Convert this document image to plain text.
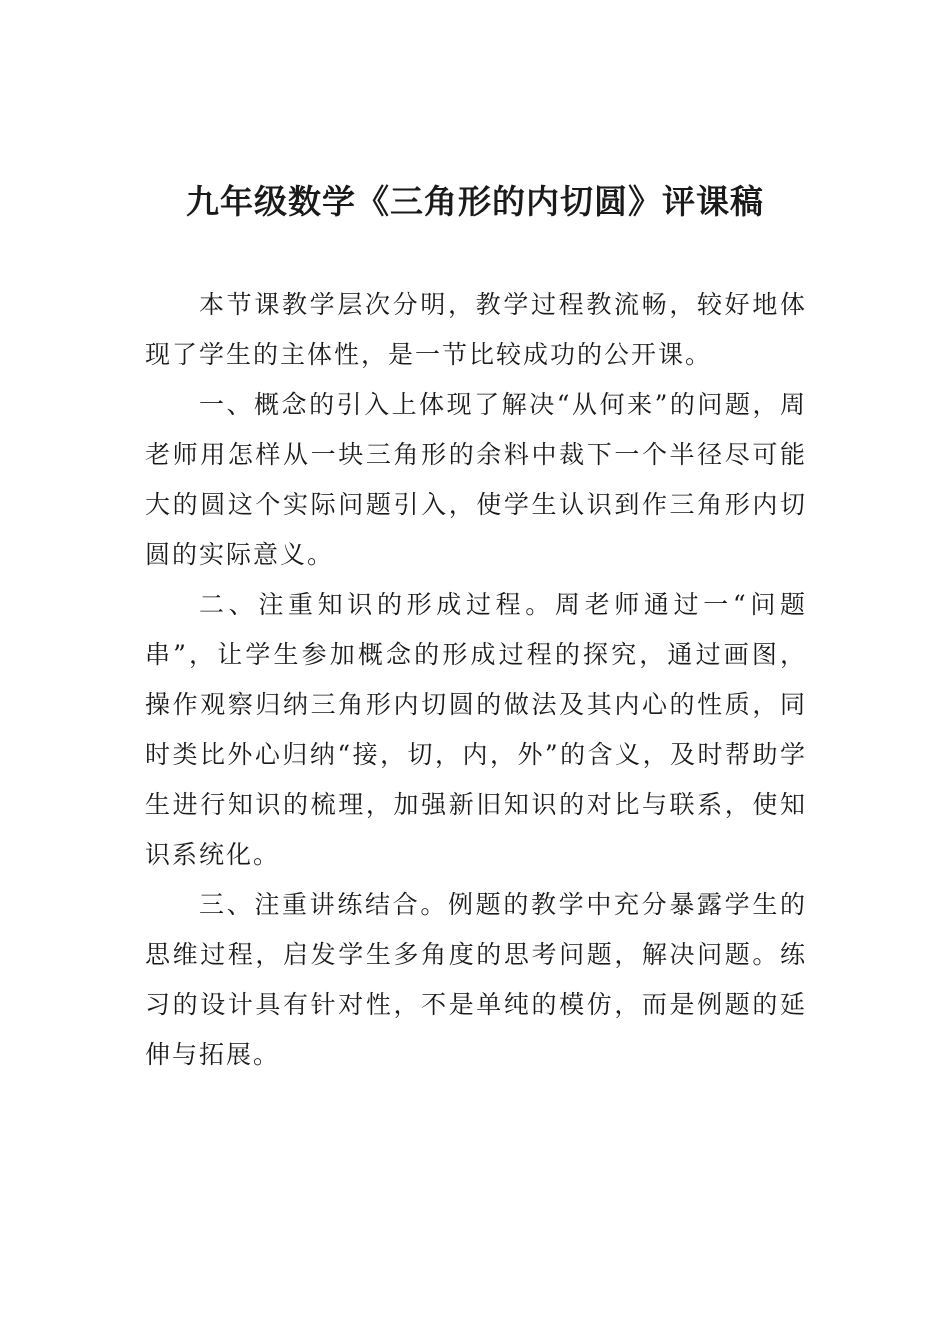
九年级数学《三角形的内切圆》评课稿

本节课教学层次分明，教学过程教流畅，较好地体现了学生的主体性，是一节比较成功的公开课。

一、概念的引入上体现了解决“从何来”的问题，周老师用怎样从一块三角形的余料中裁下一个半径尽可能大的圆这个实际问题引入，使学生认识到作三角形内切圆的实际意义。

二、注重知识的形成过程。周老师通过一“问题串”，让学生参加概念的形成过程的探究，通过画图，操作观察归纳三角形内切圆的做法及其内心的性质，同时类比外心归纳“接，切，内，外”的含义，及时帮助学生进行知识的梳理，加强新旧知识的对比与联系，使知识系统化。

三、注重讲练结合。例题的教学中充分暴露学生的思维过程，启发学生多角度的思考问题，解决问题。练习的设计具有针对性，不是单纯的模仿，而是例题的延伸与拓展。
